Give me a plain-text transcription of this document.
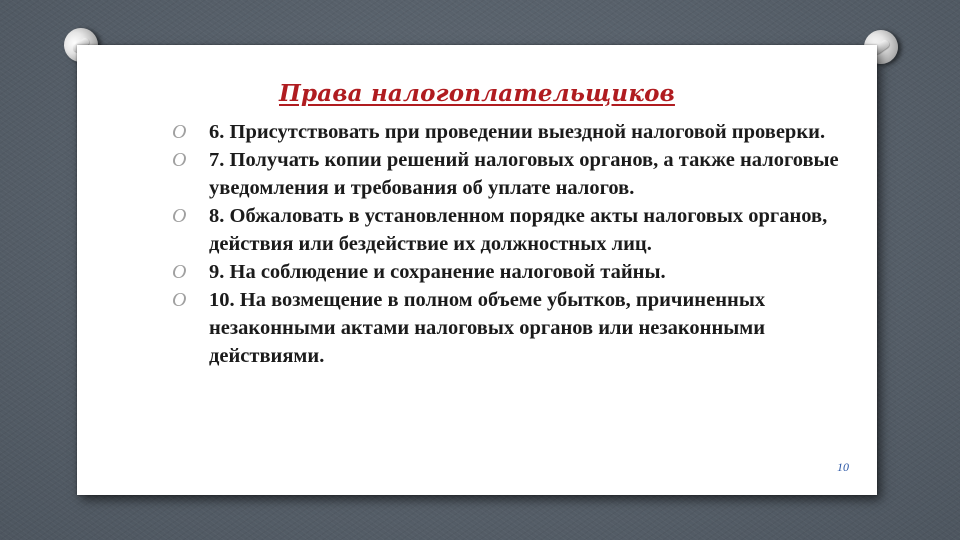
Права налогоплательщиков
O 6. Присутствовать при проведении выездной налоговой проверки.
O 7. Получать копии решений налоговых органов, а также налоговые уведомления и требования об уплате налогов.
O 8. Обжаловать в установленном порядке акты налоговых органов, действия или бездействие их должностных лиц.
O 9. На соблюдение и сохранение налоговой тайны.
O 10. На возмещение в полном объеме убытков, причиненных незаконными актами налоговых органов или незаконными действиями.
10
